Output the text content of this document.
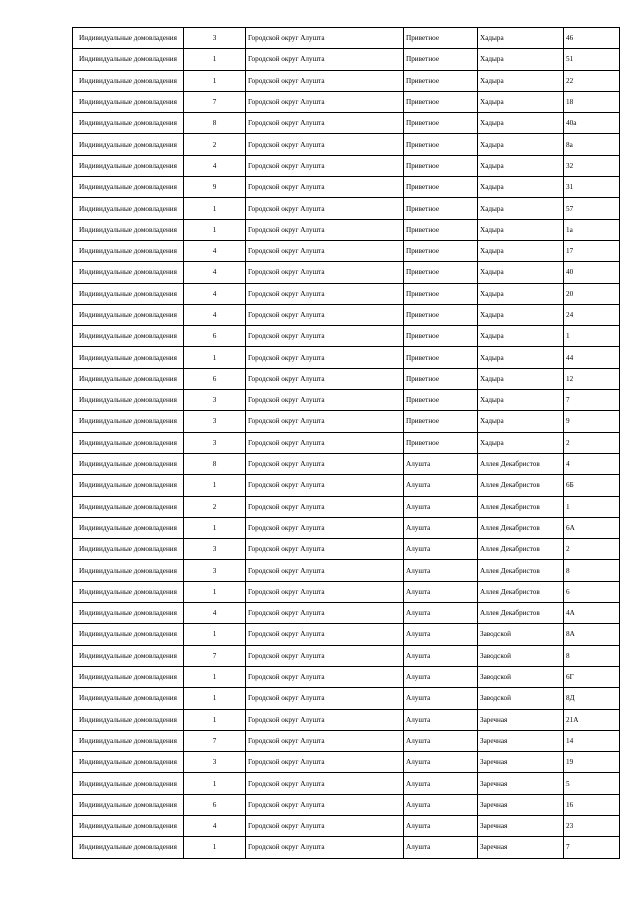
Индивидуальные домовладения	3	Городской округ Алушта	Приветное	Хадыра	46
Индивидуальные домовладения	1	Городской округ Алушта	Приветное	Хадыра	51
Индивидуальные домовладения	1	Городской округ Алушта	Приветное	Хадыра	22
Индивидуальные домовладения	7	Городской округ Алушта	Приветное	Хадыра	18
Индивидуальные домовладения	8	Городской округ Алушта	Приветное	Хадыра	40а
Индивидуальные домовладения	2	Городской округ Алушта	Приветное	Хадыра	8а
Индивидуальные домовладения	4	Городской округ Алушта	Приветное	Хадыра	32
Индивидуальные домовладения	9	Городской округ Алушта	Приветное	Хадыра	31
Индивидуальные домовладения	1	Городской округ Алушта	Приветное	Хадыра	57
Индивидуальные домовладения	1	Городской округ Алушта	Приветное	Хадыра	1а
Индивидуальные домовладения	4	Городской округ Алушта	Приветное	Хадыра	17
Индивидуальные домовладения	4	Городской округ Алушта	Приветное	Хадыра	40
Индивидуальные домовладения	4	Городской округ Алушта	Приветное	Хадыра	20
Индивидуальные домовладения	4	Городской округ Алушта	Приветное	Хадыра	24
Индивидуальные домовладения	6	Городской округ Алушта	Приветное	Хадыра	1
Индивидуальные домовладения	1	Городской округ Алушта	Приветное	Хадыра	44
Индивидуальные домовладения	6	Городской округ Алушта	Приветное	Хадыра	12
Индивидуальные домовладения	3	Городской округ Алушта	Приветное	Хадыра	7
Индивидуальные домовладения	3	Городской округ Алушта	Приветное	Хадыра	9
Индивидуальные домовладения	3	Городской округ Алушта	Приветное	Хадыра	2
Индивидуальные домовладения	8	Городской округ Алушта	Алушта	Аллея Декабристов	4
Индивидуальные домовладения	1	Городской округ Алушта	Алушта	Аллея Декабристов	6Б
Индивидуальные домовладения	2	Городской округ Алушта	Алушта	Аллея Декабристов	1
Индивидуальные домовладения	1	Городской округ Алушта	Алушта	Аллея Декабристов	6А
Индивидуальные домовладения	3	Городской округ Алушта	Алушта	Аллея Декабристов	2
Индивидуальные домовладения	3	Городской округ Алушта	Алушта	Аллея Декабристов	8
Индивидуальные домовладения	1	Городской округ Алушта	Алушта	Аллея Декабристов	6
Индивидуальные домовладения	4	Городской округ Алушта	Алушта	Аллея Декабристов	4А
Индивидуальные домовладения	1	Городской округ Алушта	Алушта	Заводской	8А
Индивидуальные домовладения	7	Городской округ Алушта	Алушта	Заводской	8
Индивидуальные домовладения	1	Городской округ Алушта	Алушта	Заводской	6Г
Индивидуальные домовладения	1	Городской округ Алушта	Алушта	Заводской	8Д
Индивидуальные домовладения	1	Городской округ Алушта	Алушта	Заречная	21А
Индивидуальные домовладения	7	Городской округ Алушта	Алушта	Заречная	14
Индивидуальные домовладения	3	Городской округ Алушта	Алушта	Заречная	19
Индивидуальные домовладения	1	Городской округ Алушта	Алушта	Заречная	5
Индивидуальные домовладения	6	Городской округ Алушта	Алушта	Заречная	16
Индивидуальные домовладения	4	Городской округ Алушта	Алушта	Заречная	23
Индивидуальные домовладения	1	Городской округ Алушта	Алушта	Заречная	7
